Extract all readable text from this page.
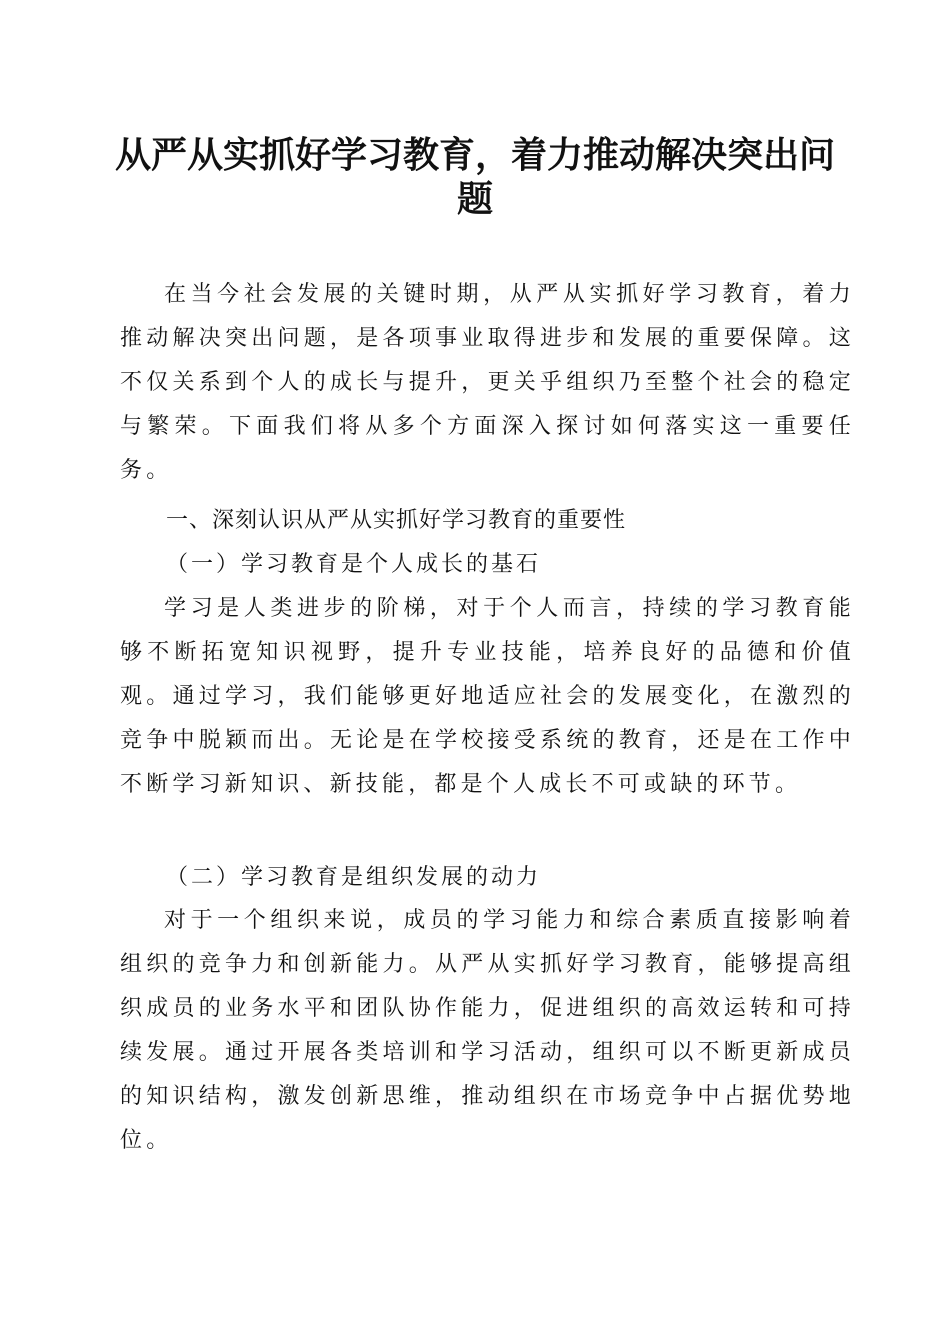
从严从实抓好学习教育，着力推动解决突出问题

在当今社会发展的关键时期，从严从实抓好学习教育，着力推动解决突出问题，是各项事业取得进步和发展的重要保障。这不仅关系到个人的成长与提升，更关乎组织乃至整个社会的稳定与繁荣。下面我们将从多个方面深入探讨如何落实这一重要任务。

一、深刻认识从严从实抓好学习教育的重要性

（一）学习教育是个人成长的基石

学习是人类进步的阶梯，对于个人而言，持续的学习教育能够不断拓宽知识视野，提升专业技能，培养良好的品德和价值观。通过学习，我们能够更好地适应社会的发展变化，在激烈的竞争中脱颖而出。无论是在学校接受系统的教育，还是在工作中不断学习新知识、新技能，都是个人成长不可或缺的环节。

（二）学习教育是组织发展的动力

对于一个组织来说，成员的学习能力和综合素质直接影响着组织的竞争力和创新能力。从严从实抓好学习教育，能够提高组织成员的业务水平和团队协作能力，促进组织的高效运转和可持续发展。通过开展各类培训和学习活动，组织可以不断更新成员的知识结构，激发创新思维，推动组织在市场竞争中占据优势地位。
